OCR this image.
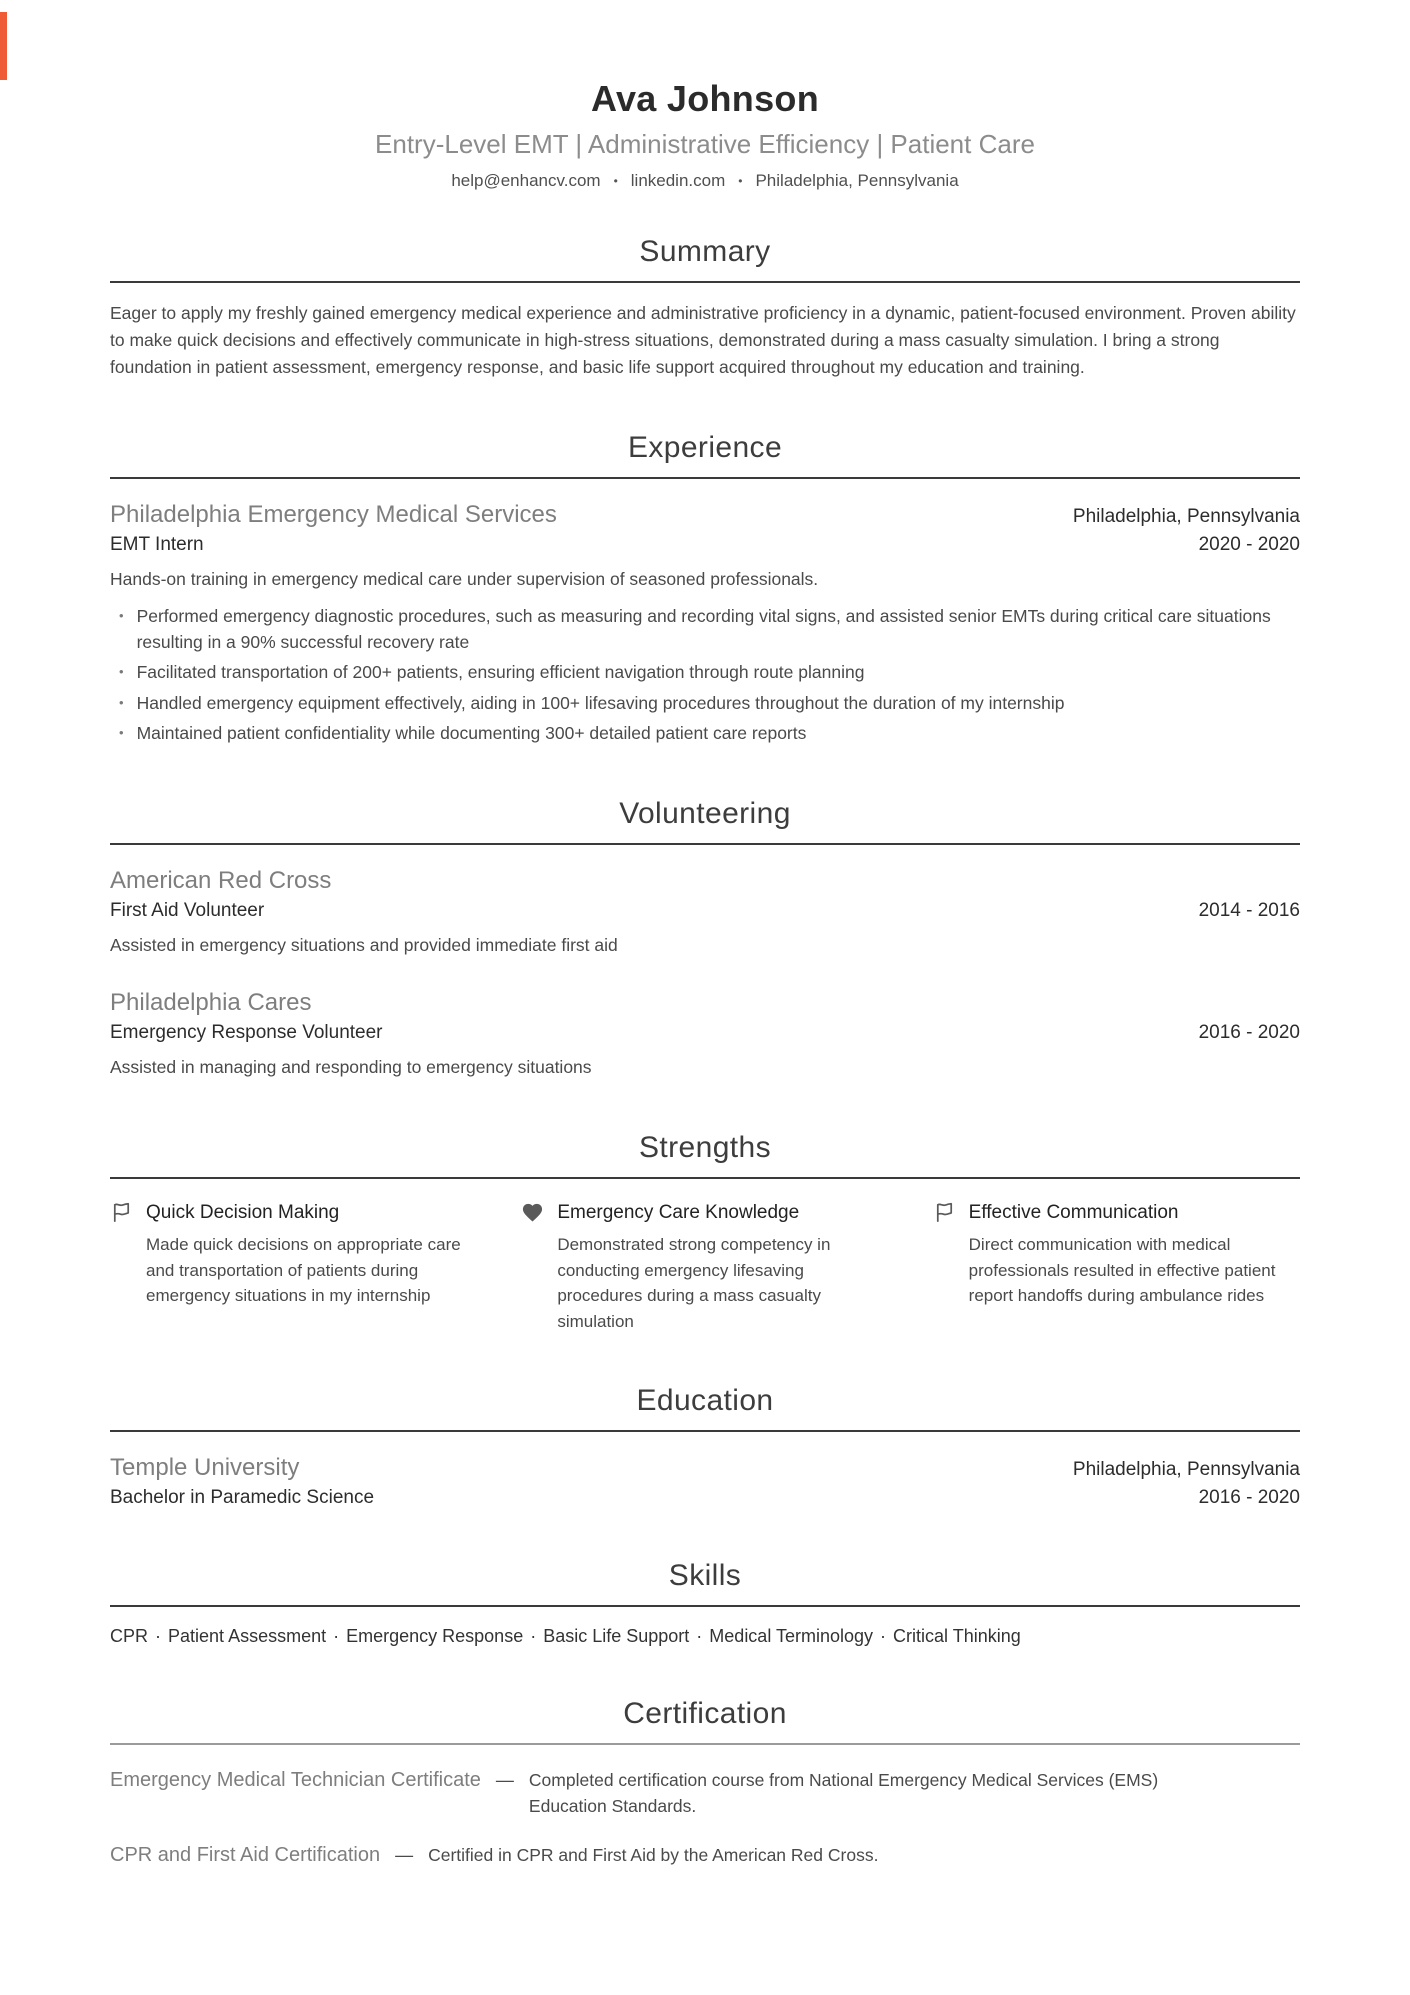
Ava Johnson
Entry-Level EMT | Administrative Efficiency | Patient Care
help@enhancv.com • linkedin.com • Philadelphia, Pennsylvania
Summary

Eager to apply my freshly gained emergency medical experience and administrative proficiency in a dynamic, patient-focused environment. Proven ability to make quick decisions and effectively communicate in high-stress situations, demonstrated during a mass casualty simulation. I bring a strong foundation in patient assessment, emergency response, and basic life support acquired throughout my education and training.

Experience
Philadelphia Emergency Medical Services	Philadelphia, Pennsylvania
EMT Intern	2020 - 2020

Hands-on training in emergency medical care under supervision of seasoned professionals.

• Performed emergency diagnostic procedures, such as measuring and recording vital signs, and assisted senior EMTs during critical care situations resulting in a 90% successful recovery rate
• Facilitated transportation of 200+ patients, ensuring efficient navigation through route planning
• Handled emergency equipment effectively, aiding in 100+ lifesaving procedures throughout the duration of my internship
• Maintained patient confidentiality while documenting 300+ detailed patient care reports
Volunteering
American Red Cross
First Aid Volunteer	2014 - 2016

Assisted in emergency situations and provided immediate first aid

Philadelphia Cares
Emergency Response Volunteer	2016 - 2020

Assisted in managing and responding to emergency situations

Strengths
Quick Decision Making

Made quick decisions on appropriate care and transportation of patients during emergency situations in my internship

Emergency Care Knowledge

Demonstrated strong competency in conducting emergency lifesaving procedures during a mass casualty simulation

Effective Communication

Direct communication with medical professionals resulted in effective patient report handoffs during ambulance rides

Education
Temple University	Philadelphia, Pennsylvania
Bachelor in Paramedic Science	2016 - 2020
Skills

CPR · Patient Assessment · Emergency Response · Basic Life Support · Medical Terminology · Critical Thinking

Certification
Emergency Medical Technician Certificate — Completed certification course from National Emergency Medical Services (EMS) Education Standards.
CPR and First Aid Certification — Certified in CPR and First Aid by the American Red Cross.
